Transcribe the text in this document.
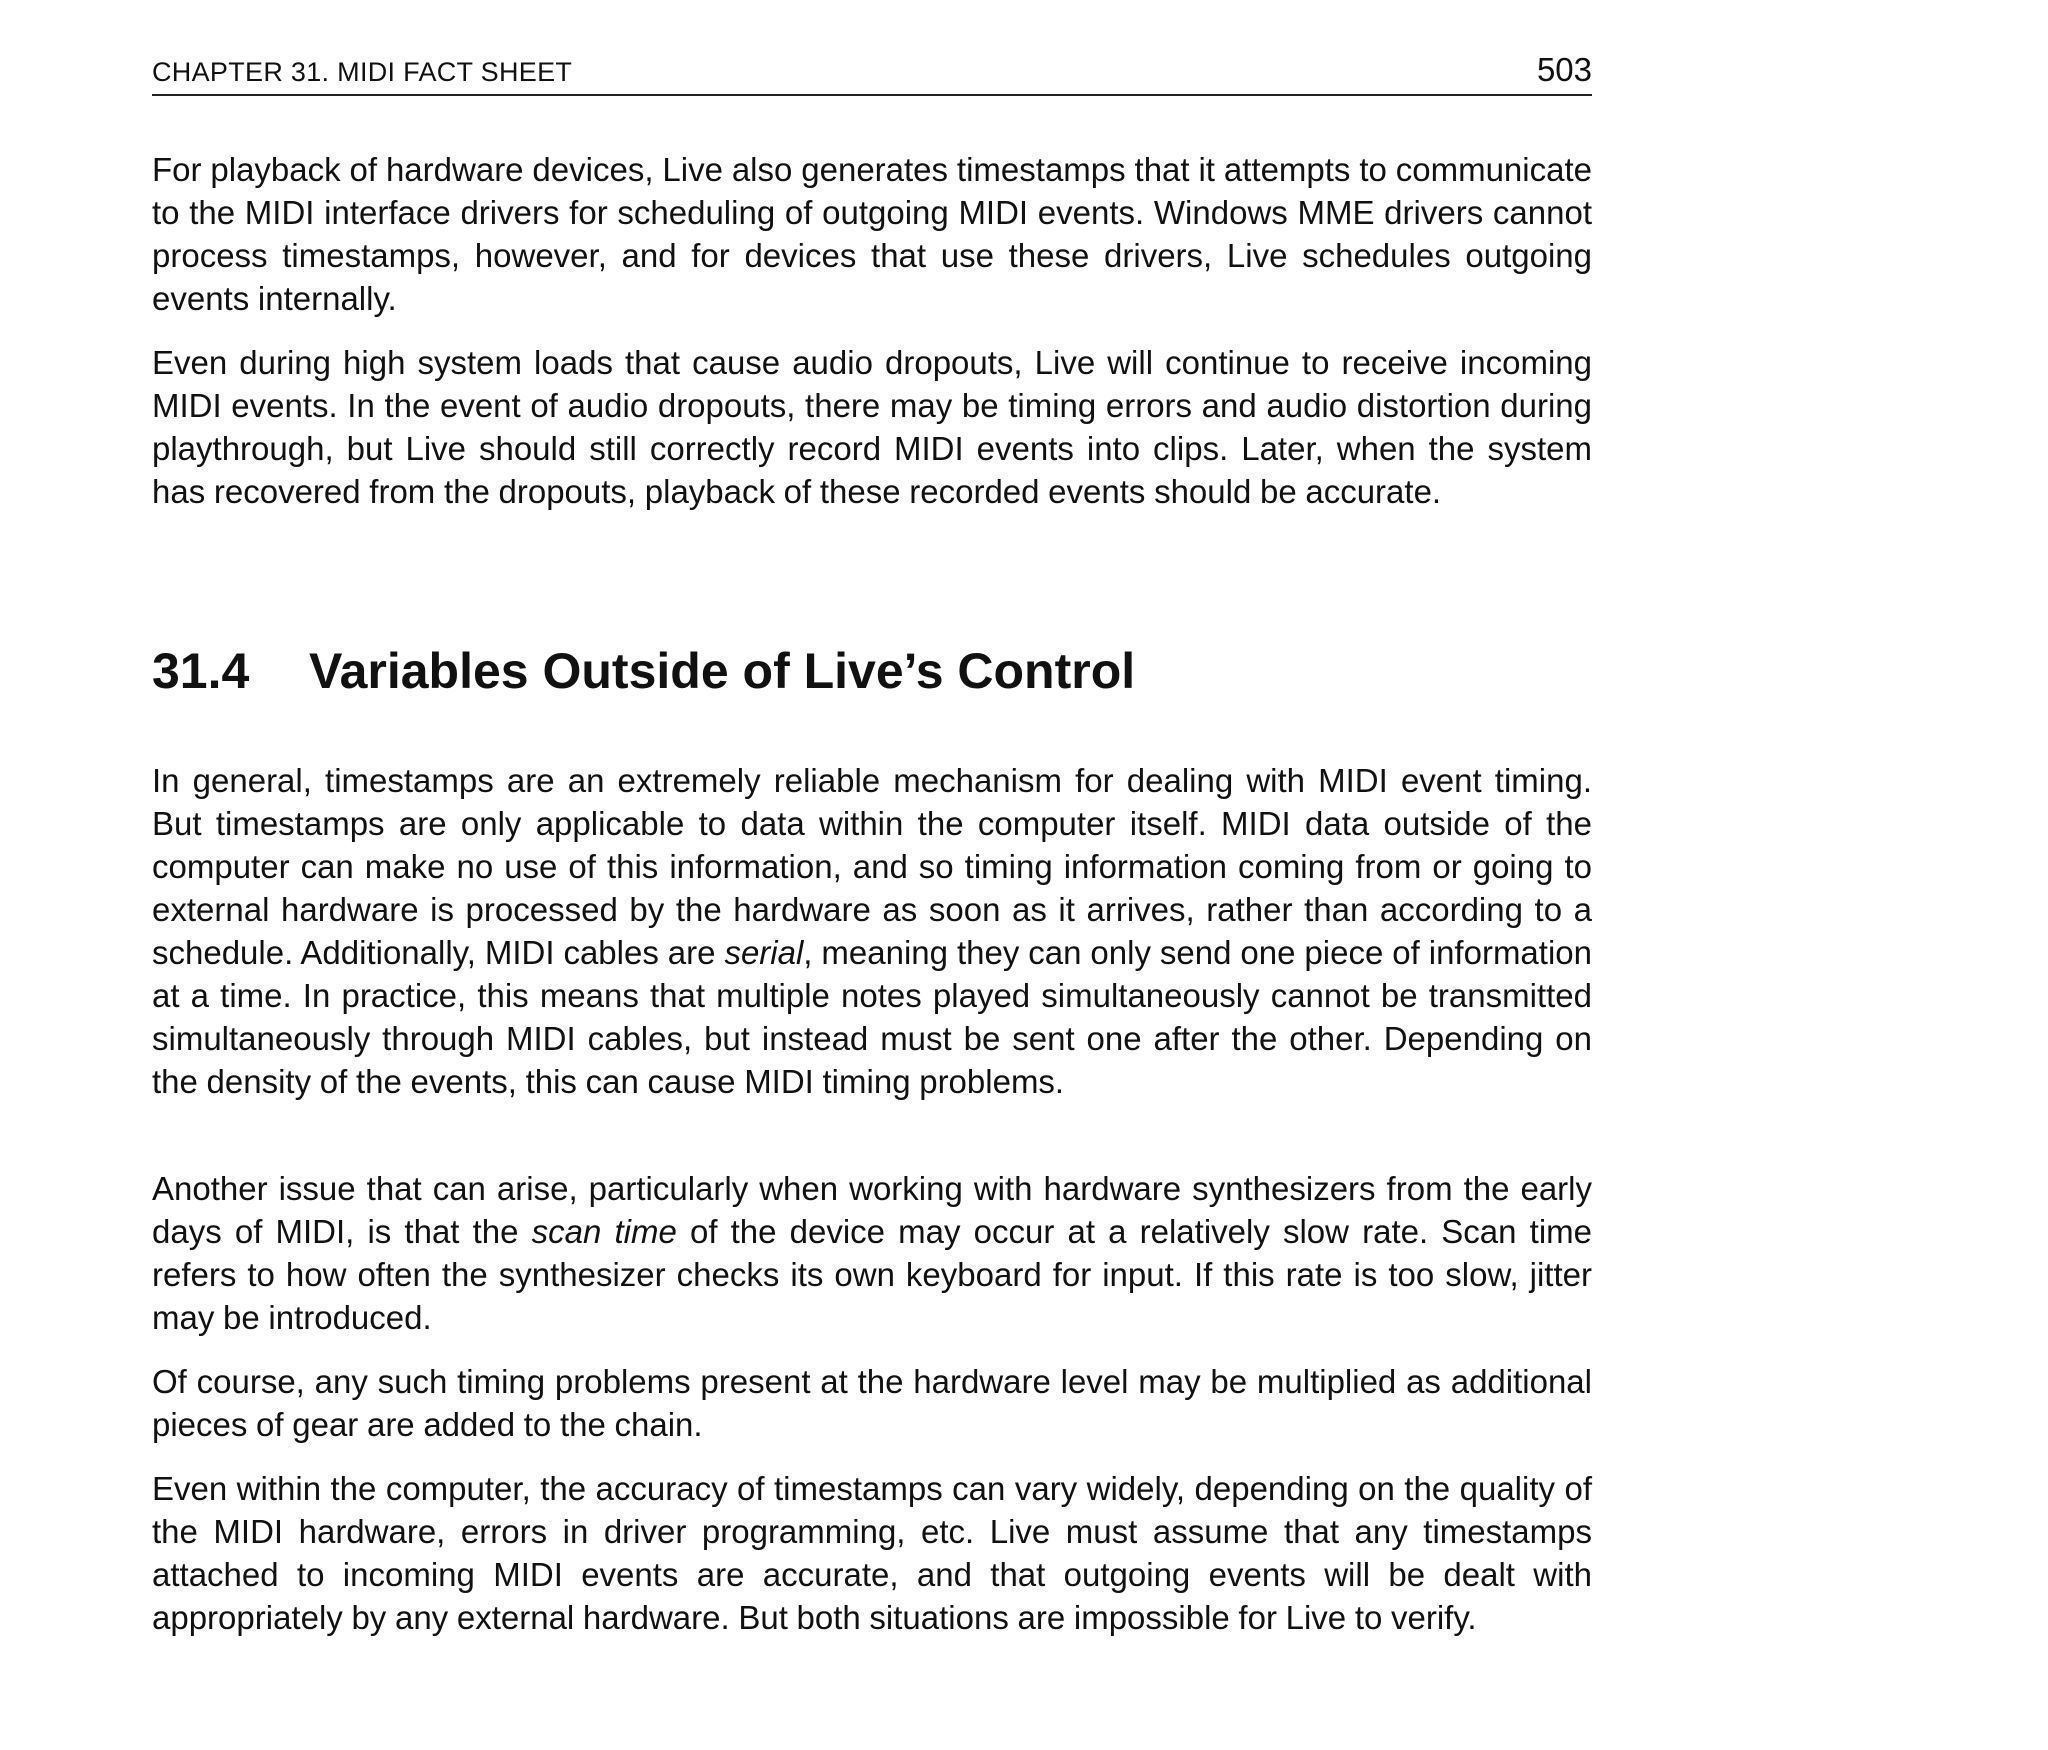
CHAPTER 31. MIDI FACT SHEET	503

For playback of hardware devices, Live also generates timestamps that it attempts to communicate to the MIDI interface drivers for scheduling of outgoing MIDI events. Windows MME drivers cannot process timestamps, however, and for devices that use these drivers, Live schedules outgoing events internally.

Even during high system loads that cause audio dropouts, Live will continue to receive incoming MIDI events. In the event of audio dropouts, there may be timing errors and audio distortion during playthrough, but Live should still correctly record MIDI events into clips. Later, when the system has recovered from the dropouts, playback of these recorded events should be accurate.

31.4 Variables Outside of Live’s Control

In general, timestamps are an extremely reliable mechanism for dealing with MIDI event timing. But timestamps are only applicable to data within the computer itself. MIDI data outside of the computer can make no use of this information, and so timing information coming from or going to external hardware is processed by the hardware as soon as it arrives, rather than according to a schedule. Additionally, MIDI cables are serial, meaning they can only send one piece of information at a time. In practice, this means that multiple notes played simultaneously cannot be transmitted simultaneously through MIDI cables, but instead must be sent one after the other. Depending on the density of the events, this can cause MIDI timing problems.

Another issue that can arise, particularly when working with hardware synthesizers from the early days of MIDI, is that the scan time of the device may occur at a relatively slow rate. Scan time refers to how often the synthesizer checks its own keyboard for input. If this rate is too slow, jitter may be introduced.

Of course, any such timing problems present at the hardware level may be multiplied as additional pieces of gear are added to the chain.

Even within the computer, the accuracy of timestamps can vary widely, depending on the quality of the MIDI hardware, errors in driver programming, etc. Live must assume that any timestamps attached to incoming MIDI events are accurate, and that outgoing events will be dealt with appropriately by any external hardware. But both situations are impossible for Live to verify.
